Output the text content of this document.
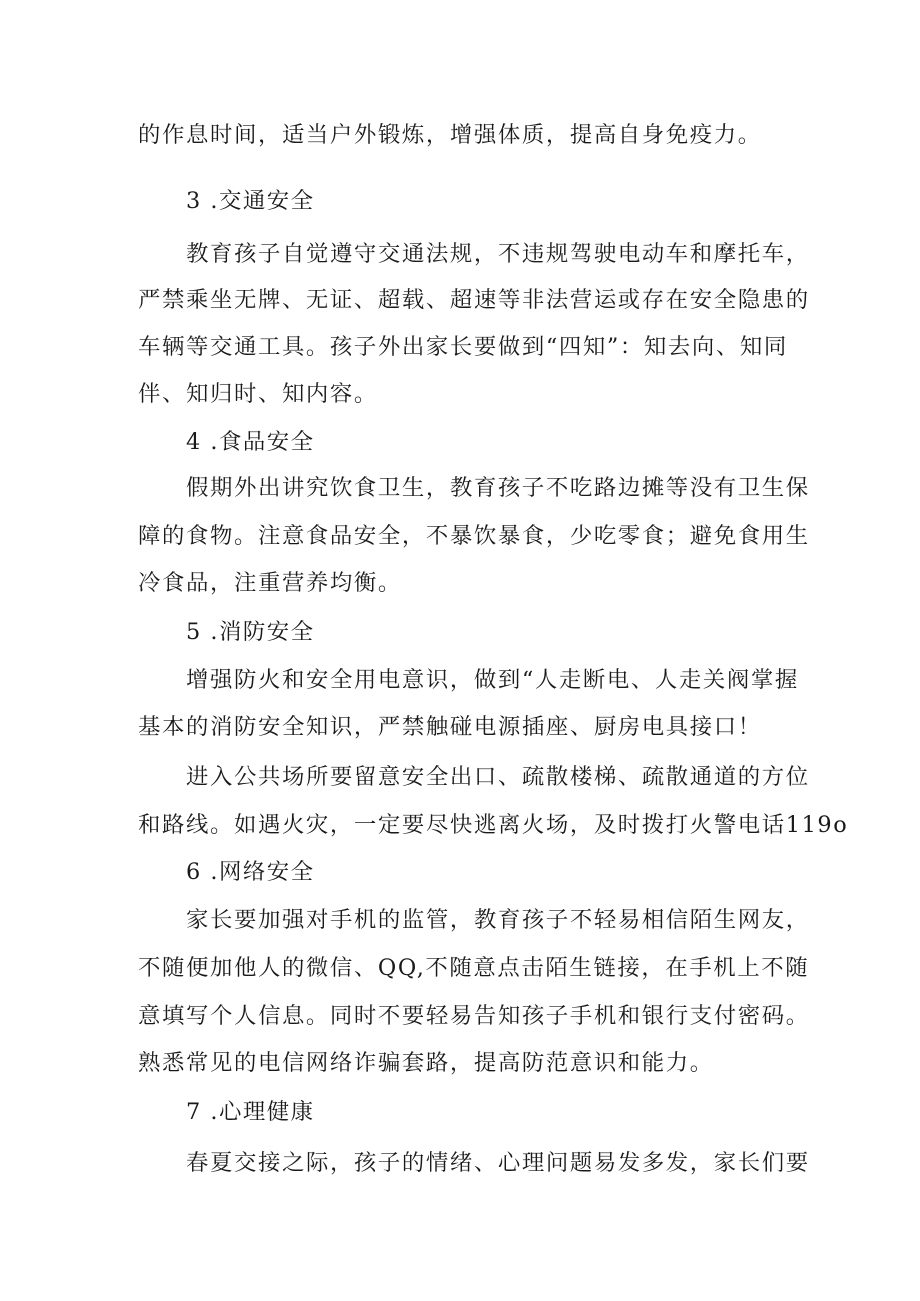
的作息时间，适当户外锻炼，增强体质，提高自身免疫力。
3 .交通安全
教育孩子自觉遵守交通法规，不违规驾驶电动车和摩托车，
严禁乘坐无牌、无证、超载、超速等非法营运或存在安全隐患的
车辆等交通工具。孩子外出家长要做到“四知”：知去向、知同
伴、知归时、知内容。
4 .食品安全
假期外出讲究饮食卫生，教育孩子不吃路边摊等没有卫生保
障的食物。注意食品安全，不暴饮暴食，少吃零食；避免食用生
冷食品，注重营养均衡。
5 .消防安全
增强防火和安全用电意识，做到“人走断电、人走关阀掌握
基本的消防安全知识，严禁触碰电源插座、厨房电具接口！
进入公共场所要留意安全出口、疏散楼梯、疏散通道的方位
和路线。如遇火灾，一定要尽快逃离火场，及时拨打火警电话119o
6 .网络安全
家长要加强对手机的监管，教育孩子不轻易相信陌生网友，
不随便加他人的微信、QQ,不随意点击陌生链接，在手机上不随
意填写个人信息。同时不要轻易告知孩子手机和银行支付密码。
熟悉常见的电信网络诈骗套路，提高防范意识和能力。
7 .心理健康
春夏交接之际，孩子的情绪、心理问题易发多发，家长们要
